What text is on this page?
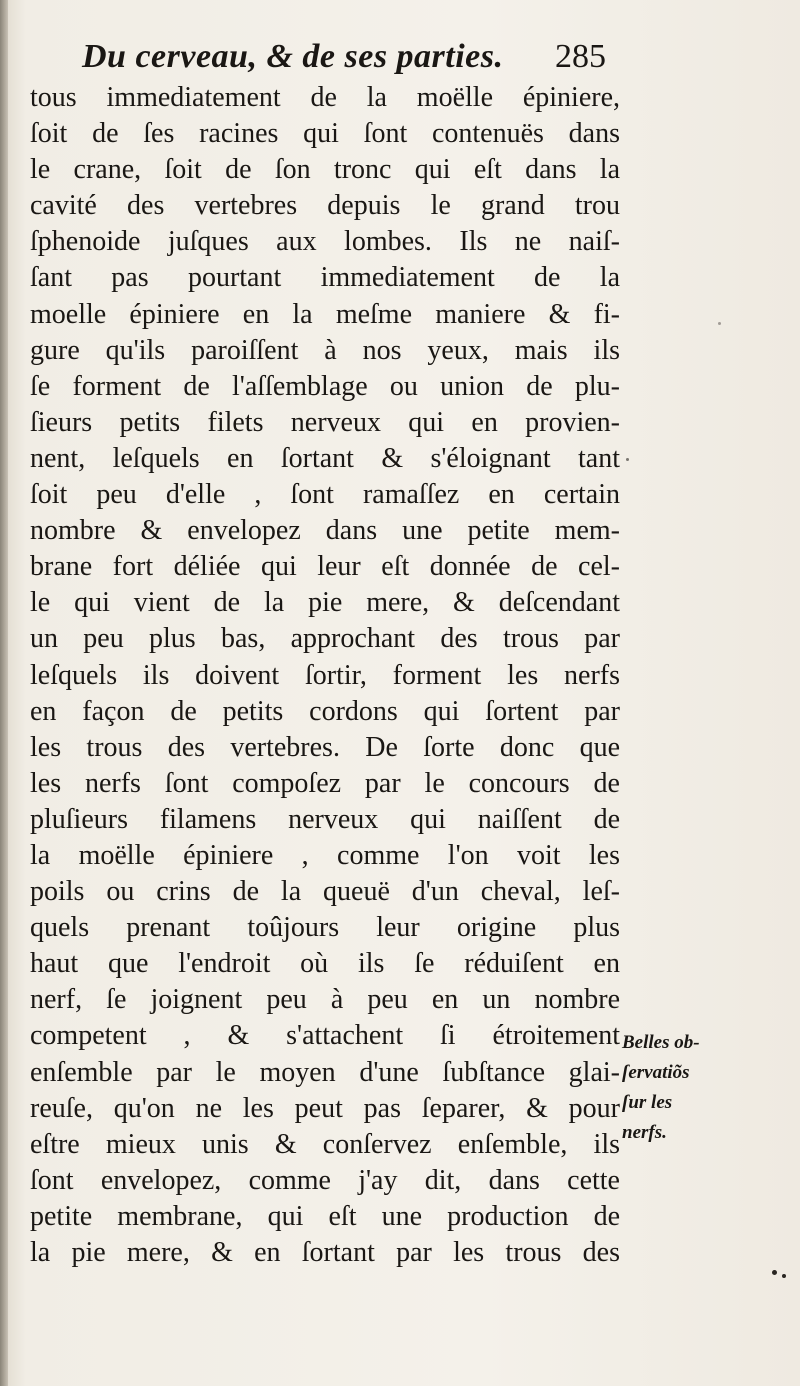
Du cerveau, & de ses parties. 285
tous immediatement de la moëlle épiniere,
ſoit de ſes racines qui ſont contenuës dans
le crane, ſoit de ſon tronc qui eſt dans la
cavité des vertebres depuis le grand trou
ſphenoide juſques aux lombes. Ils ne naiſ-
ſant pas pourtant immediatement de la
moelle épiniere en la meſme maniere & fi-
gure qu'ils paroiſſent à nos yeux, mais ils
ſe forment de l'aſſemblage ou union de plu-
ſieurs petits filets nerveux qui en provien-
nent, leſquels en ſortant & s'éloignant tant
ſoit peu d'elle , ſont ramaſſez en certain
nombre & envelopez dans une petite mem-
brane fort déliée qui leur eſt donnée de cel-
le qui vient de la pie mere, & deſcendant
un peu plus bas, approchant des trous par
leſquels ils doivent ſortir, forment les nerfs
en façon de petits cordons qui ſortent par
les trous des vertebres. De ſorte donc que
les nerfs ſont compoſez par le concours de
pluſieurs filamens nerveux qui naiſſent de
la moëlle épiniere , comme l'on voit les
poils ou crins de la queuë d'un cheval, leſ-
quels prenant toûjours leur origine plus
haut que l'endroit où ils ſe réduiſent en
nerf, ſe joignent peu à peu en un nombre
competent , & s'attachent ſi étroitement
enſemble par le moyen d'une ſubſtance glai-
reuſe, qu'on ne les peut pas ſeparer, & pour
eſtre mieux unis & conſervez enſemble, ils
ſont envelopez, comme j'ay dit, dans cette
petite membrane, qui eſt une production de
la pie mere, & en ſortant par les trous des
Belles ob-
ſervatiõs
ſur les
nerfs.
